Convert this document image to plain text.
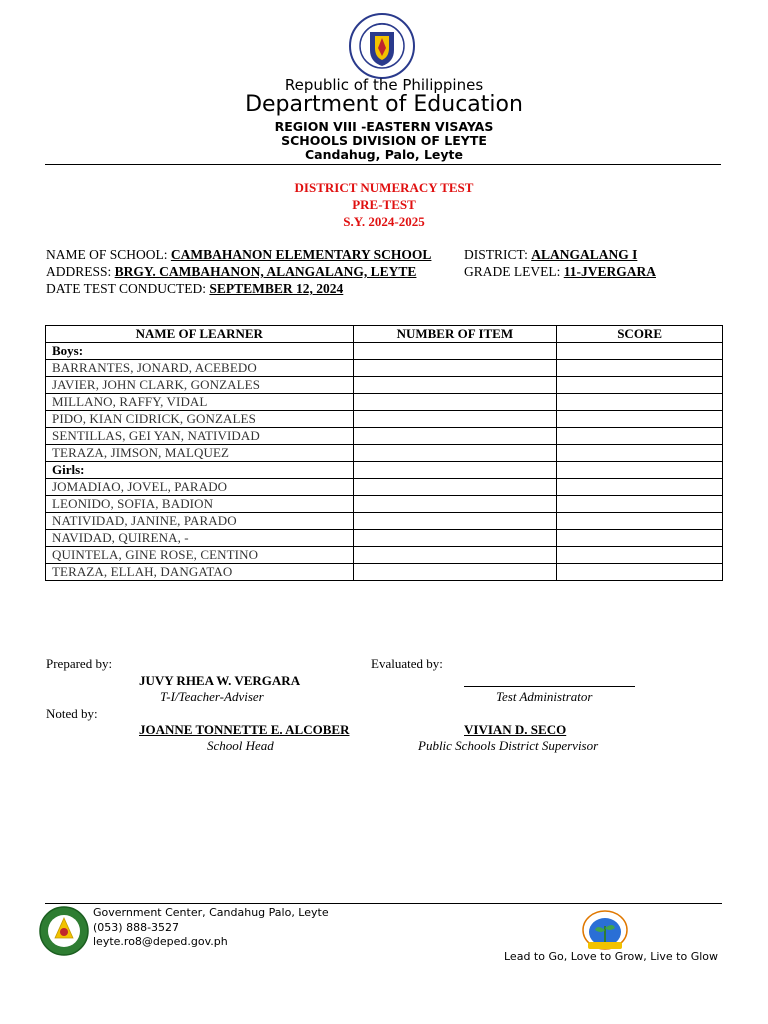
Republic of the Philippines
Department of Education
REGION VIII -EASTERN VISAYAS
SCHOOLS DIVISION OF LEYTE
Candahug, Palo, Leyte
DISTRICT NUMERACY TEST
PRE-TEST
S.Y. 2024-2025
NAME OF SCHOOL: CAMBAHANON ELEMENTARY SCHOOL DISTRICT: ALANGALANG I
ADDRESS: BRGY. CAMBAHANON, ALANGALANG, LEYTE	GRADE LEVEL: 11-JVERGARA
DATE TEST CONDUCTED: SEPTEMBER 12, 2024
NAME OF LEARNER	NUMBER OF ITEM	SCORE
Boys:		
BARRANTES, JONARD, ACEBEDO		
JAVIER, JOHN CLARK, GONZALES		
MILLANO, RAFFY, VIDAL		
PIDO, KIAN CIDRICK, GONZALES		
SENTILLAS, GEI YAN, NATIVIDAD		
TERAZA, JIMSON, MALQUEZ		
Girls:		
JOMADIAO, JOVEL, PARADO		
LEONIDO, SOFIA, BADION		
NATIVIDAD, JANINE, PARADO		
NAVIDAD, QUIRENA, -		
QUINTELA, GINE ROSE, CENTINO		
TERAZA, ELLAH, DANGATAO		
Prepared by:	Evaluated by:
JUVY RHEA W. VERGARA
T-I/Teacher-Adviser	Test Administrator
Noted by:
JOANNE TONNETTE E. ALCOBER	VIVIAN D. SECO
School Head	Public Schools District Supervisor
Government Center, Candahug Palo, Leyte
(053) 888-3527
leyte.ro8@deped.gov.ph
Lead to Go, Love to Grow, Live to Glow
